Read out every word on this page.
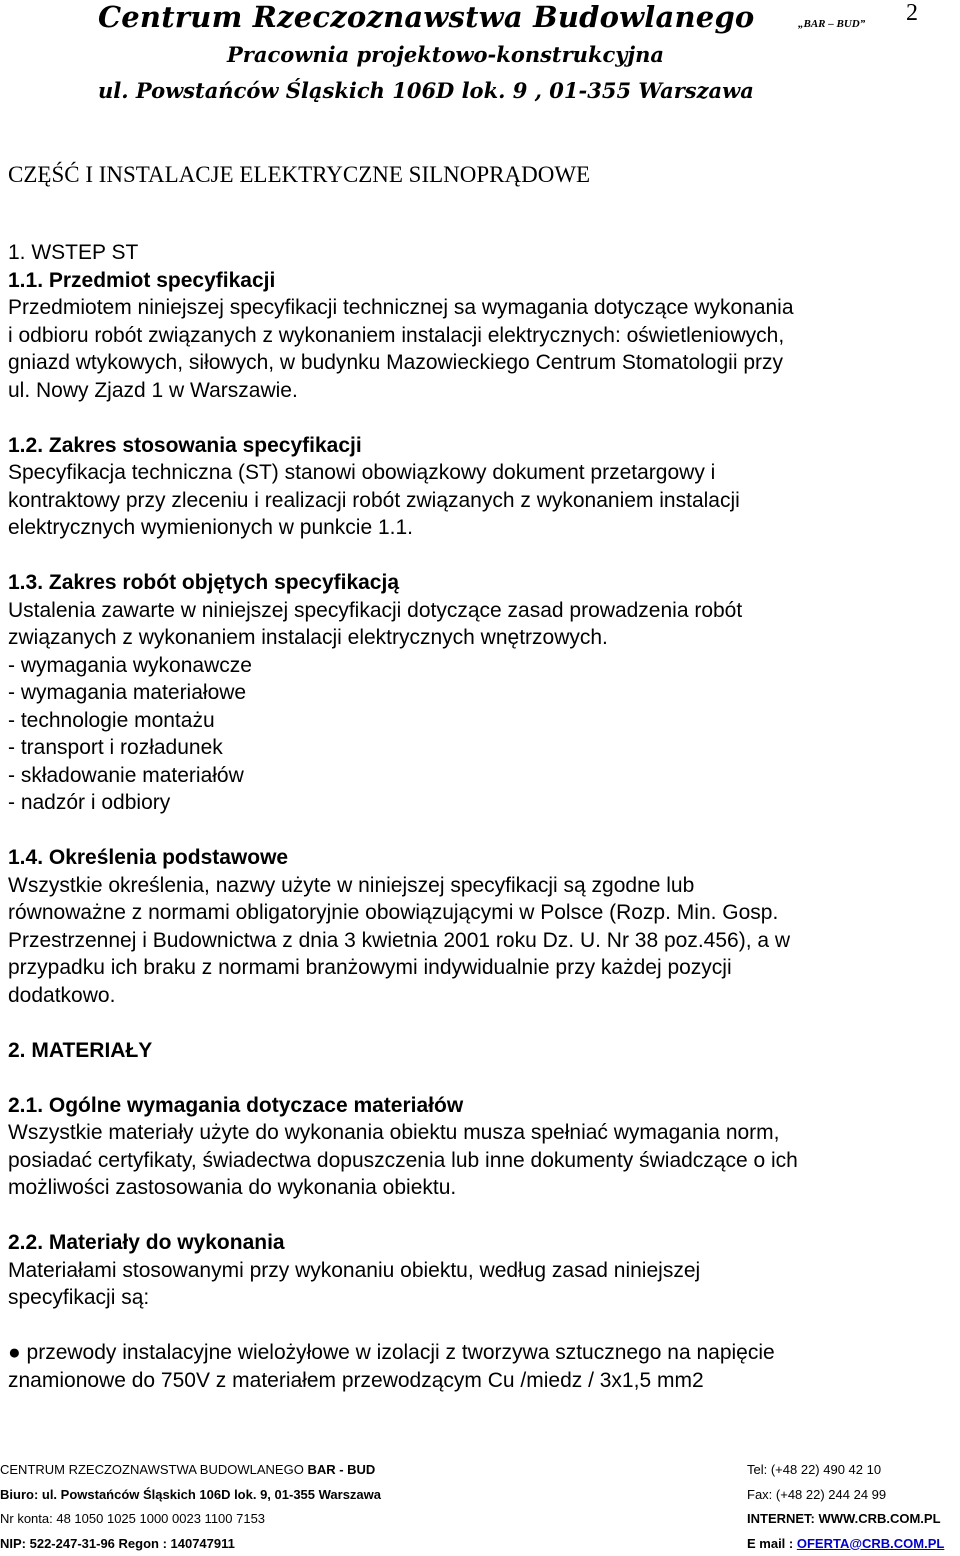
Centrum Rzeczoznawstwa Budowlanego	„BAR – BUD” 2
Pracownia projektowo-konstrukcyjna
ul. Powstańców Śląskich 106D lok. 9 , 01-355 Warszawa
CZĘŚĆ I INSTALACJE ELEKTRYCZNE SILNOPRĄDOWE

1. WSTEP ST

1.1. Przedmiot specyfikacji

Przedmiotem niniejszej specyfikacji technicznej sa wymagania dotyczące wykonania

i odbioru robót związanych z wykonaniem instalacji elektrycznych: oświetleniowych,

gniazd wtykowych, siłowych, w budynku Mazowieckiego Centrum Stomatologii przy

ul. Nowy Zjazd 1 w Warszawie.

1.2. Zakres stosowania specyfikacji

Specyfikacja techniczna (ST) stanowi obowiązkowy dokument przetargowy i

kontraktowy przy zleceniu i realizacji robót związanych z wykonaniem instalacji

elektrycznych wymienionych w punkcie 1.1.

1.3. Zakres robót objętych specyfikacją

Ustalenia zawarte w niniejszej specyfikacji dotyczące zasad prowadzenia robót

związanych z wykonaniem instalacji elektrycznych wnętrzowych.

- wymagania wykonawcze

- wymagania materiałowe

- technologie montażu

- transport i rozładunek

- składowanie materiałów

- nadzór i odbiory

1.4. Określenia podstawowe

Wszystkie określenia, nazwy użyte w niniejszej specyfikacji są zgodne lub

równoważne z normami obligatoryjnie obowiązującymi w Polsce (Rozp. Min. Gosp.

Przestrzennej i Budownictwa z dnia 3 kwietnia 2001 roku Dz. U. Nr 38 poz.456), a w

przypadku ich braku z normami branżowymi indywidualnie przy każdej pozycji

dodatkowo.

2. MATERIAŁY

2.1. Ogólne wymagania dotyczace materiałów

Wszystkie materiały użyte do wykonania obiektu musza spełniać wymagania norm,

posiadać certyfikaty, świadectwa dopuszczenia lub inne dokumenty świadczące o ich

możliwości zastosowania do wykonania obiektu.

2.2. Materiały do wykonania

Materiałami stosowanymi przy wykonaniu obiektu, według zasad niniejszej

specyfikacji są:

● przewody instalacyjne wielożyłowe w izolacji z tworzywa sztucznego na napięcie

znamionowe do 750V z materiałem przewodzącym Cu /miedz / 3x1,5 mm2

CENTRUM RZECZOZNAWSTWA BUDOWLANEGO BAR - BUD	Tel: (+48 22) 490 42 10
Biuro: ul. Powstańców Śląskich 106D lok. 9, 01-355 Warszawa	Fax: (+48 22) 244 24 99
Nr konta: 48 1050 1025 1000 0023 1100 7153	INTERNET: WWW.CRB.COM.PL
NIP: 522-247-31-96 Regon : 140747911	E mail : OFERTA@CRB.COM.PL
